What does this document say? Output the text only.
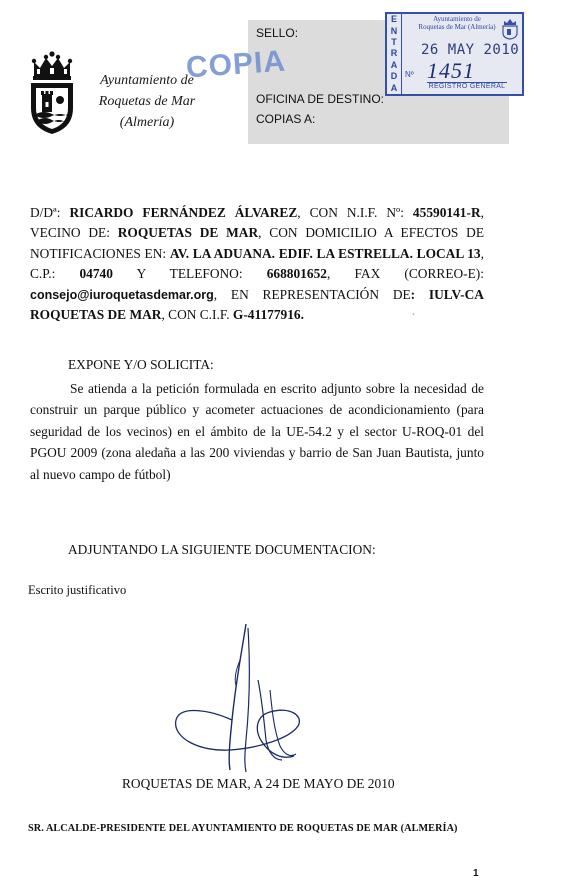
Ayuntamiento de
Roquetas de Mar
(Almería)
SELLO:
OFICINA DE DESTINO:
COPIAS A:
COPIA
E
N
T
R
A
D
A
Ayuntamiento de
Roquetas de Mar (Almería)
26 MAY 2010
Nº 1451
REGISTRO GENERAL
D/Dª: RICARDO FERNÁNDEZ ÁLVAREZ, CON N.I.F. Nº: 45590141-R, VECINO DE: ROQUETAS DE MAR, CON DOMICILIO A EFECTOS DE NOTIFICACIONES EN: AV. LA ADUANA. EDIF. LA ESTRELLA. LOCAL 13, C.P.: 04740 Y TELEFONO: 668801652, FAX (CORREO-E): consejo@iuroquetasdemar.org, EN REPRESENTACIÓN DE: IULV-CA ROQUETAS DE MAR, CON C.I.F. G-41177916.	`
EXPONE Y/O SOLICITA:
Se atienda a la petición formulada en escrito adjunto sobre la necesidad de construir un parque público y acometer actuaciones de acondicionamiento (para seguridad de los vecinos) en el ámbito de la UE-54.2 y el sector U-ROQ-01 del PGOU 2009 (zona aledaña a las 200 viviendas y barrio de San Juan Bautista, junto al nuevo campo de fútbol)
ADJUNTANDO LA SIGUIENTE DOCUMENTACION:
Escrito justificativo
ROQUETAS DE MAR, A 24 DE MAYO DE 2010
SR. ALCALDE-PRESIDENTE DEL AYUNTAMIENTO DE ROQUETAS DE MAR (ALMERÍA)
1
